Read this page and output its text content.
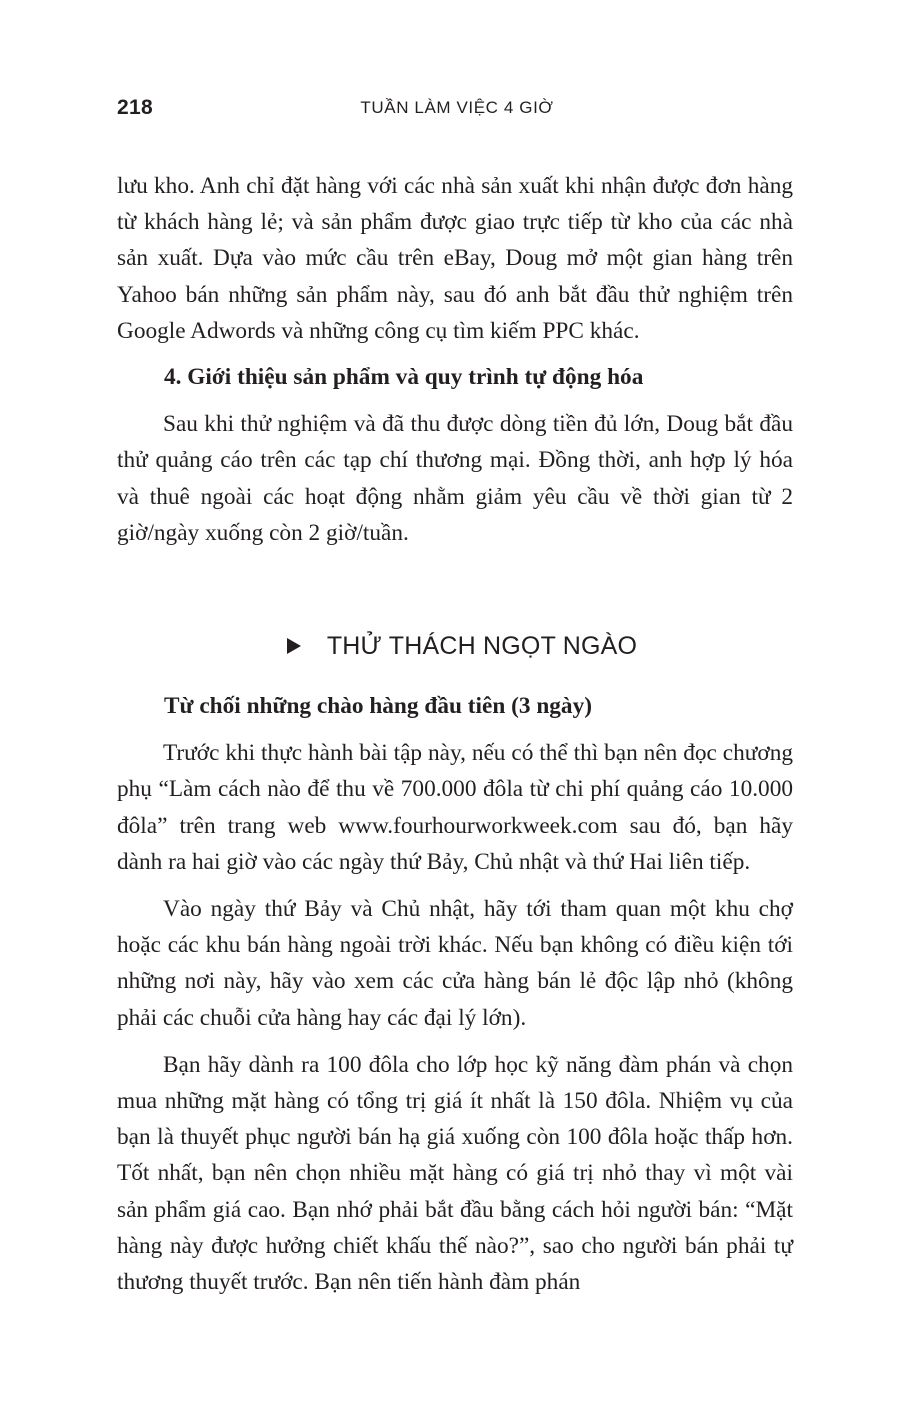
218	TUẦN LÀM VIỆC 4 GIỜ

lưu kho. Anh chỉ đặt hàng với các nhà sản xuất khi nhận được đơn hàng từ khách hàng lẻ; và sản phẩm được giao trực tiếp từ kho của các nhà sản xuất. Dựa vào mức cầu trên eBay, Doug mở một gian hàng trên Yahoo bán những sản phẩm này, sau đó anh bắt đầu thử nghiệm trên Google Adwords và những công cụ tìm kiếm PPC khác.

4. Giới thiệu sản phẩm và quy trình tự động hóa

Sau khi thử nghiệm và đã thu được dòng tiền đủ lớn, Doug bắt đầu thử quảng cáo trên các tạp chí thương mại. Đồng thời, anh hợp lý hóa và thuê ngoài các hoạt động nhằm giảm yêu cầu về thời gian từ 2 giờ/ngày xuống còn 2 giờ/tuần.

THỬ THÁCH NGỌT NGÀO

Từ chối những chào hàng đầu tiên (3 ngày)

Trước khi thực hành bài tập này, nếu có thể thì bạn nên đọc chương phụ “Làm cách nào để thu về 700.000 đôla từ chi phí quảng cáo 10.000 đôla” trên trang web www.fourhourworkweek.com sau đó, bạn hãy dành ra hai giờ vào các ngày thứ Bảy, Chủ nhật và thứ Hai liên tiếp.

Vào ngày thứ Bảy và Chủ nhật, hãy tới tham quan một khu chợ hoặc các khu bán hàng ngoài trời khác. Nếu bạn không có điều kiện tới những nơi này, hãy vào xem các cửa hàng bán lẻ độc lập nhỏ (không phải các chuỗi cửa hàng hay các đại lý lớn).

Bạn hãy dành ra 100 đôla cho lớp học kỹ năng đàm phán và chọn mua những mặt hàng có tổng trị giá ít nhất là 150 đôla. Nhiệm vụ của bạn là thuyết phục người bán hạ giá xuống còn 100 đôla hoặc thấp hơn. Tốt nhất, bạn nên chọn nhiều mặt hàng có giá trị nhỏ thay vì một vài sản phẩm giá cao. Bạn nhớ phải bắt đầu bằng cách hỏi người bán: “Mặt hàng này được hưởng chiết khấu thế nào?”, sao cho người bán phải tự thương thuyết trước. Bạn nên tiến hành đàm phán
